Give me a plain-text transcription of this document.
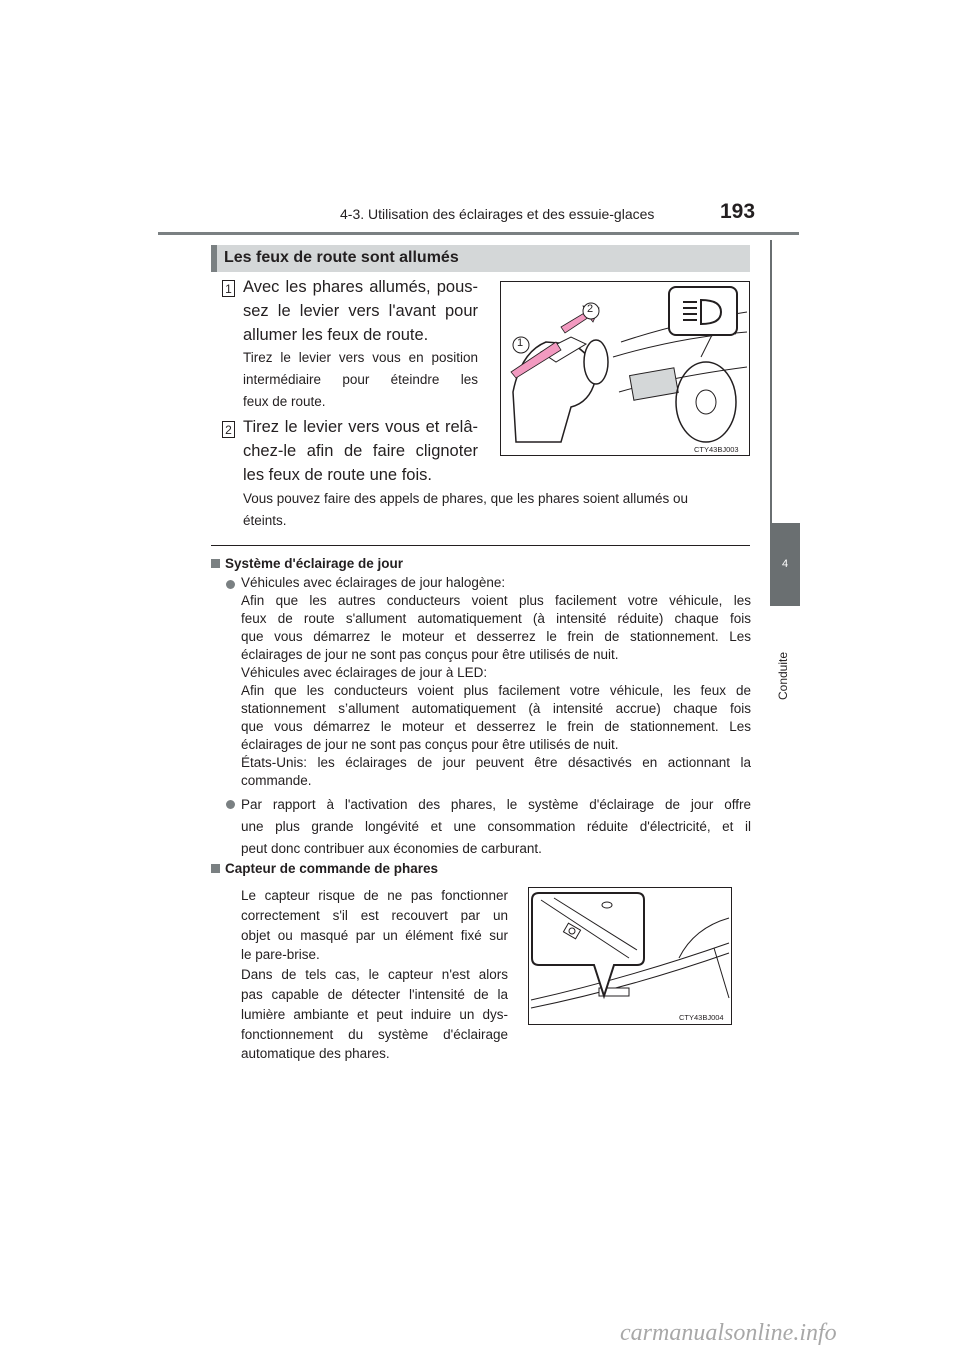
4-3. Utilisation des éclairages et des essuie-glaces	193
4
Conduite
Les feux de route sont allumés
1 Avec les phares allumés, pous-
sez le levier vers l'avant pour
allumer les feux de route.
Tirez le levier vers vous en position
intermédiaire pour éteindre les
feux de route.
2 Tirez le levier vers vous et relâ-
chez-le afin de faire clignoter
les feux de route une fois.
Vous pouvez faire des appels de phares, que les phares soient allumés ou
éteints.
1
2
CTY43BJ003
Système d'éclairage de jour
Véhicules avec éclairages de jour halogène:
Afin que les autres conducteurs voient plus facilement votre véhicule, les
feux de route s'allument automatiquement (à intensité réduite) chaque fois
que vous démarrez le moteur et desserrez le frein de stationnement. Les
éclairages de jour ne sont pas conçus pour être utilisés de nuit.
Véhicules avec éclairages de jour à LED:
Afin que les conducteurs voient plus facilement votre véhicule, les feux de
stationnement s’allument automatiquement (à intensité accrue) chaque fois
que vous démarrez le moteur et desserrez le frein de stationnement. Les
éclairages de jour ne sont pas conçus pour être utilisés de nuit.
États-Unis: les éclairages de jour peuvent être désactivés en actionnant la
commande.
Par rapport à l'activation des phares, le système d'éclairage de jour offre
une plus grande longévité et une consommation réduite d'électricité, et il
peut donc contribuer aux économies de carburant.
Capteur de commande de phares
Le capteur risque de ne pas fonctionner
correctement s'il est recouvert par un
objet ou masqué par un élément fixé sur
le pare-brise.
Dans de tels cas, le capteur n'est alors
pas capable de détecter l'intensité de la
lumière ambiante et peut induire un dys-
fonctionnement du système d'éclairage
automatique des phares.
CTY43BJ004
carmanualsonline.info
